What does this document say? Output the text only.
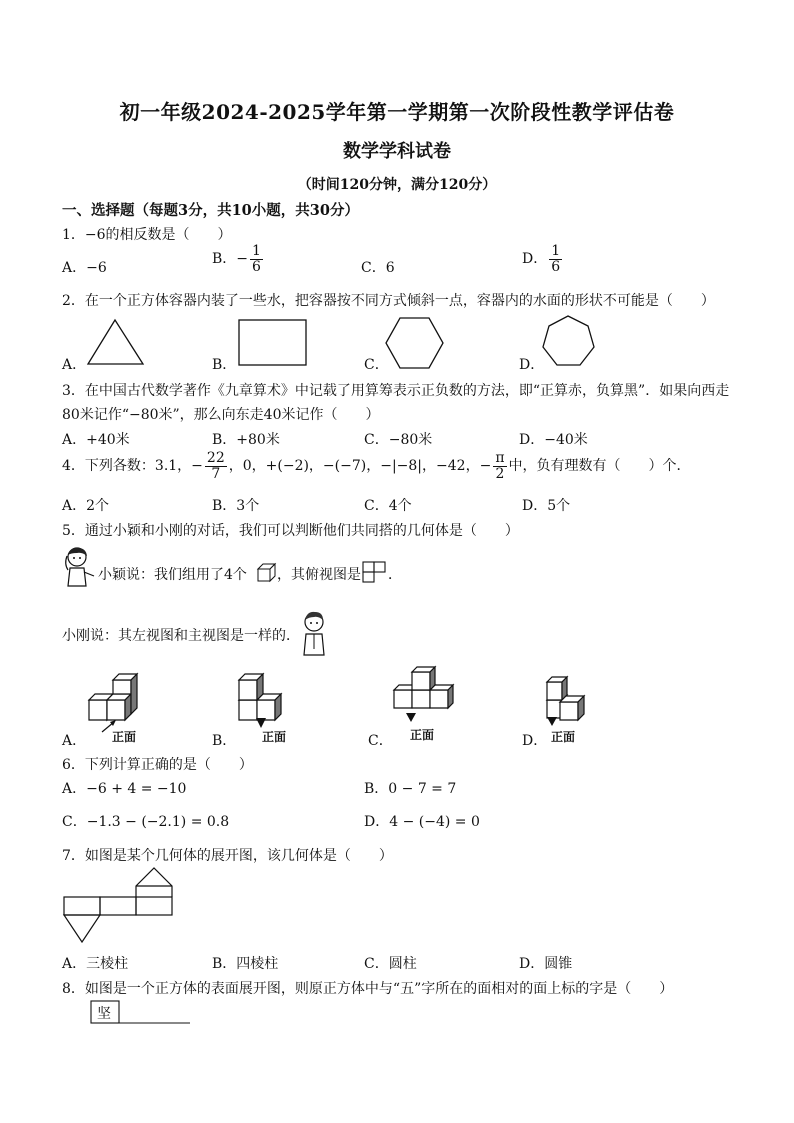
初一年级2024-2025学年第一学期第一次阶段性教学评估卷
数学学科试卷
（时间120分钟，满分120分）
一、选择题（每题3分，共10小题，共30分）
1．−6的相反数是（　　）
A．−6
B．− $\frac{1}{6}$	C．6
D． $\frac{1}{6}$
2．在一个正方体容器内装了一些水，把容器按不同方式倾斜一点，容器内的水面的形状不可能是（　　）
A．	B．	C．	D．
3．在中国古代数学著作《九章算术》中记载了用算筹表示正负数的方法，即“正算赤，负算黑”．如果向西走
80米记作“−80米”，那么向东走40米记作（　　）
A．+40米	B．+80米	C．−80米	D．−40米
4．下列各数：3.1，− $\frac{22}{7}$ ，0，+(−2)，−(−7)，−|−8|，−42，− $\frac{\pi}{2}$ 中，负有理数有（　　）个．
A．2个	B．3个	C．4个	D．5个
5．通过小颖和小刚的对话，我们可以判断他们共同搭的几何体是（　　）
小颖说：我们组用了4个 ，其俯视图是 ．
小刚说：其左视图和主视图是一样的．
A． 正面	B． 正面	C． 正面	D． 正面
6．下列计算正确的是（　　）
A．−6 + 4 = −10	B．0 − 7 = 7
C．−1.3 − (−2.1) = 0.8	D．4 − (−4) = 0
7．如图是某个几何体的展开图，该几何体是（　　）
A．三棱柱	B．四棱柱	C．圆柱	D．圆锥
8．如图是一个正方体的表面展开图，则原正方体中与“五”字所在的面相对的面上标的字是（　　）
坚
